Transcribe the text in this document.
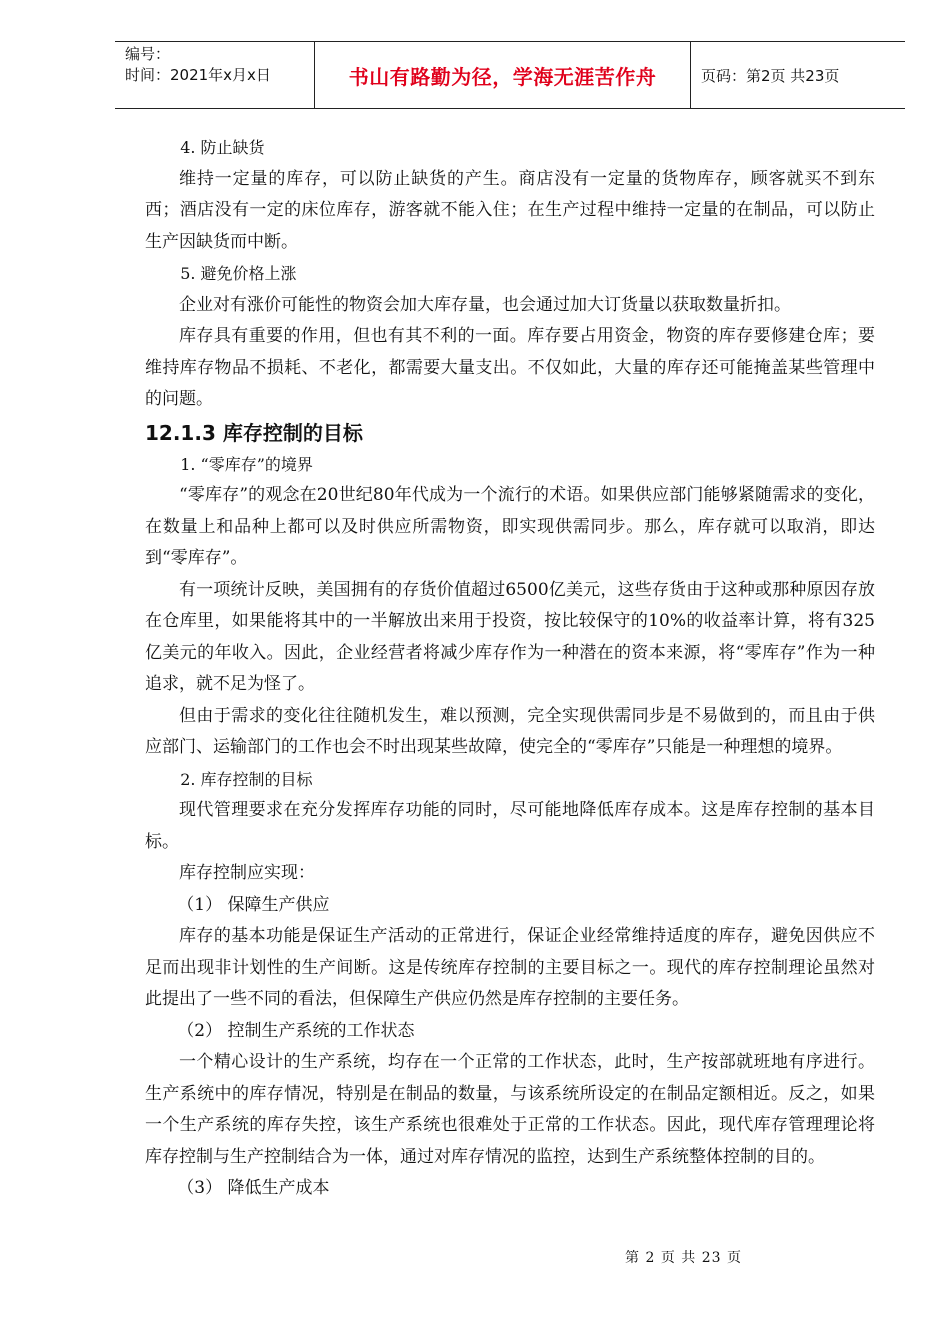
编号：
时间：2021年x月x日	书山有路勤为径，学海无涯苦作舟	页码：第2页 共23页
4. 防止缺货

维持一定量的库存，可以防止缺货的产生。商店没有一定量的货物库存，顾客就买不到东西；酒店没有一定的床位库存，游客就不能入住；在生产过程中维持一定量的在制品，可以防止生产因缺货而中断。

5. 避免价格上涨

企业对有涨价可能性的物资会加大库存量，也会通过加大订货量以获取数量折扣。

库存具有重要的作用，但也有其不利的一面。库存要占用资金，物资的库存要修建仓库；要维持库存物品不损耗、不老化，都需要大量支出。不仅如此，大量的库存还可能掩盖某些管理中的问题。

12.1.3 库存控制的目标
1. “零库存”的境界

“零库存”的观念在20世纪80年代成为一个流行的术语。如果供应部门能够紧随需求的变化，在数量上和品种上都可以及时供应所需物资，即实现供需同步。那么，库存就可以取消，即达到“零库存”。

有一项统计反映，美国拥有的存货价值超过6500亿美元，这些存货由于这种或那种原因存放在仓库里，如果能将其中的一半解放出来用于投资，按比较保守的10%的收益率计算，将有325亿美元的年收入。因此，企业经营者将减少库存作为一种潜在的资本来源，将“零库存”作为一种追求，就不足为怪了。

但由于需求的变化往往随机发生，难以预测，完全实现供需同步是不易做到的，而且由于供应部门、运输部门的工作也会不时出现某些故障，使完全的“零库存”只能是一种理想的境界。

2. 库存控制的目标

现代管理要求在充分发挥库存功能的同时，尽可能地降低库存成本。这是库存控制的基本目标。

库存控制应实现：

（1） 保障生产供应

库存的基本功能是保证生产活动的正常进行，保证企业经常维持适度的库存，避免因供应不足而出现非计划性的生产间断。这是传统库存控制的主要目标之一。现代的库存控制理论虽然对此提出了一些不同的看法，但保障生产供应仍然是库存控制的主要任务。

（2） 控制生产系统的工作状态

一个精心设计的生产系统，均存在一个正常的工作状态，此时，生产按部就班地有序进行。生产系统中的库存情况，特别是在制品的数量，与该系统所设定的在制品定额相近。反之，如果一个生产系统的库存失控，该生产系统也很难处于正常的工作状态。因此，现代库存管理理论将库存控制与生产控制结合为一体，通过对库存情况的监控，达到生产系统整体控制的目的。

（3） 降低生产成本
第 2 页 共 23 页
